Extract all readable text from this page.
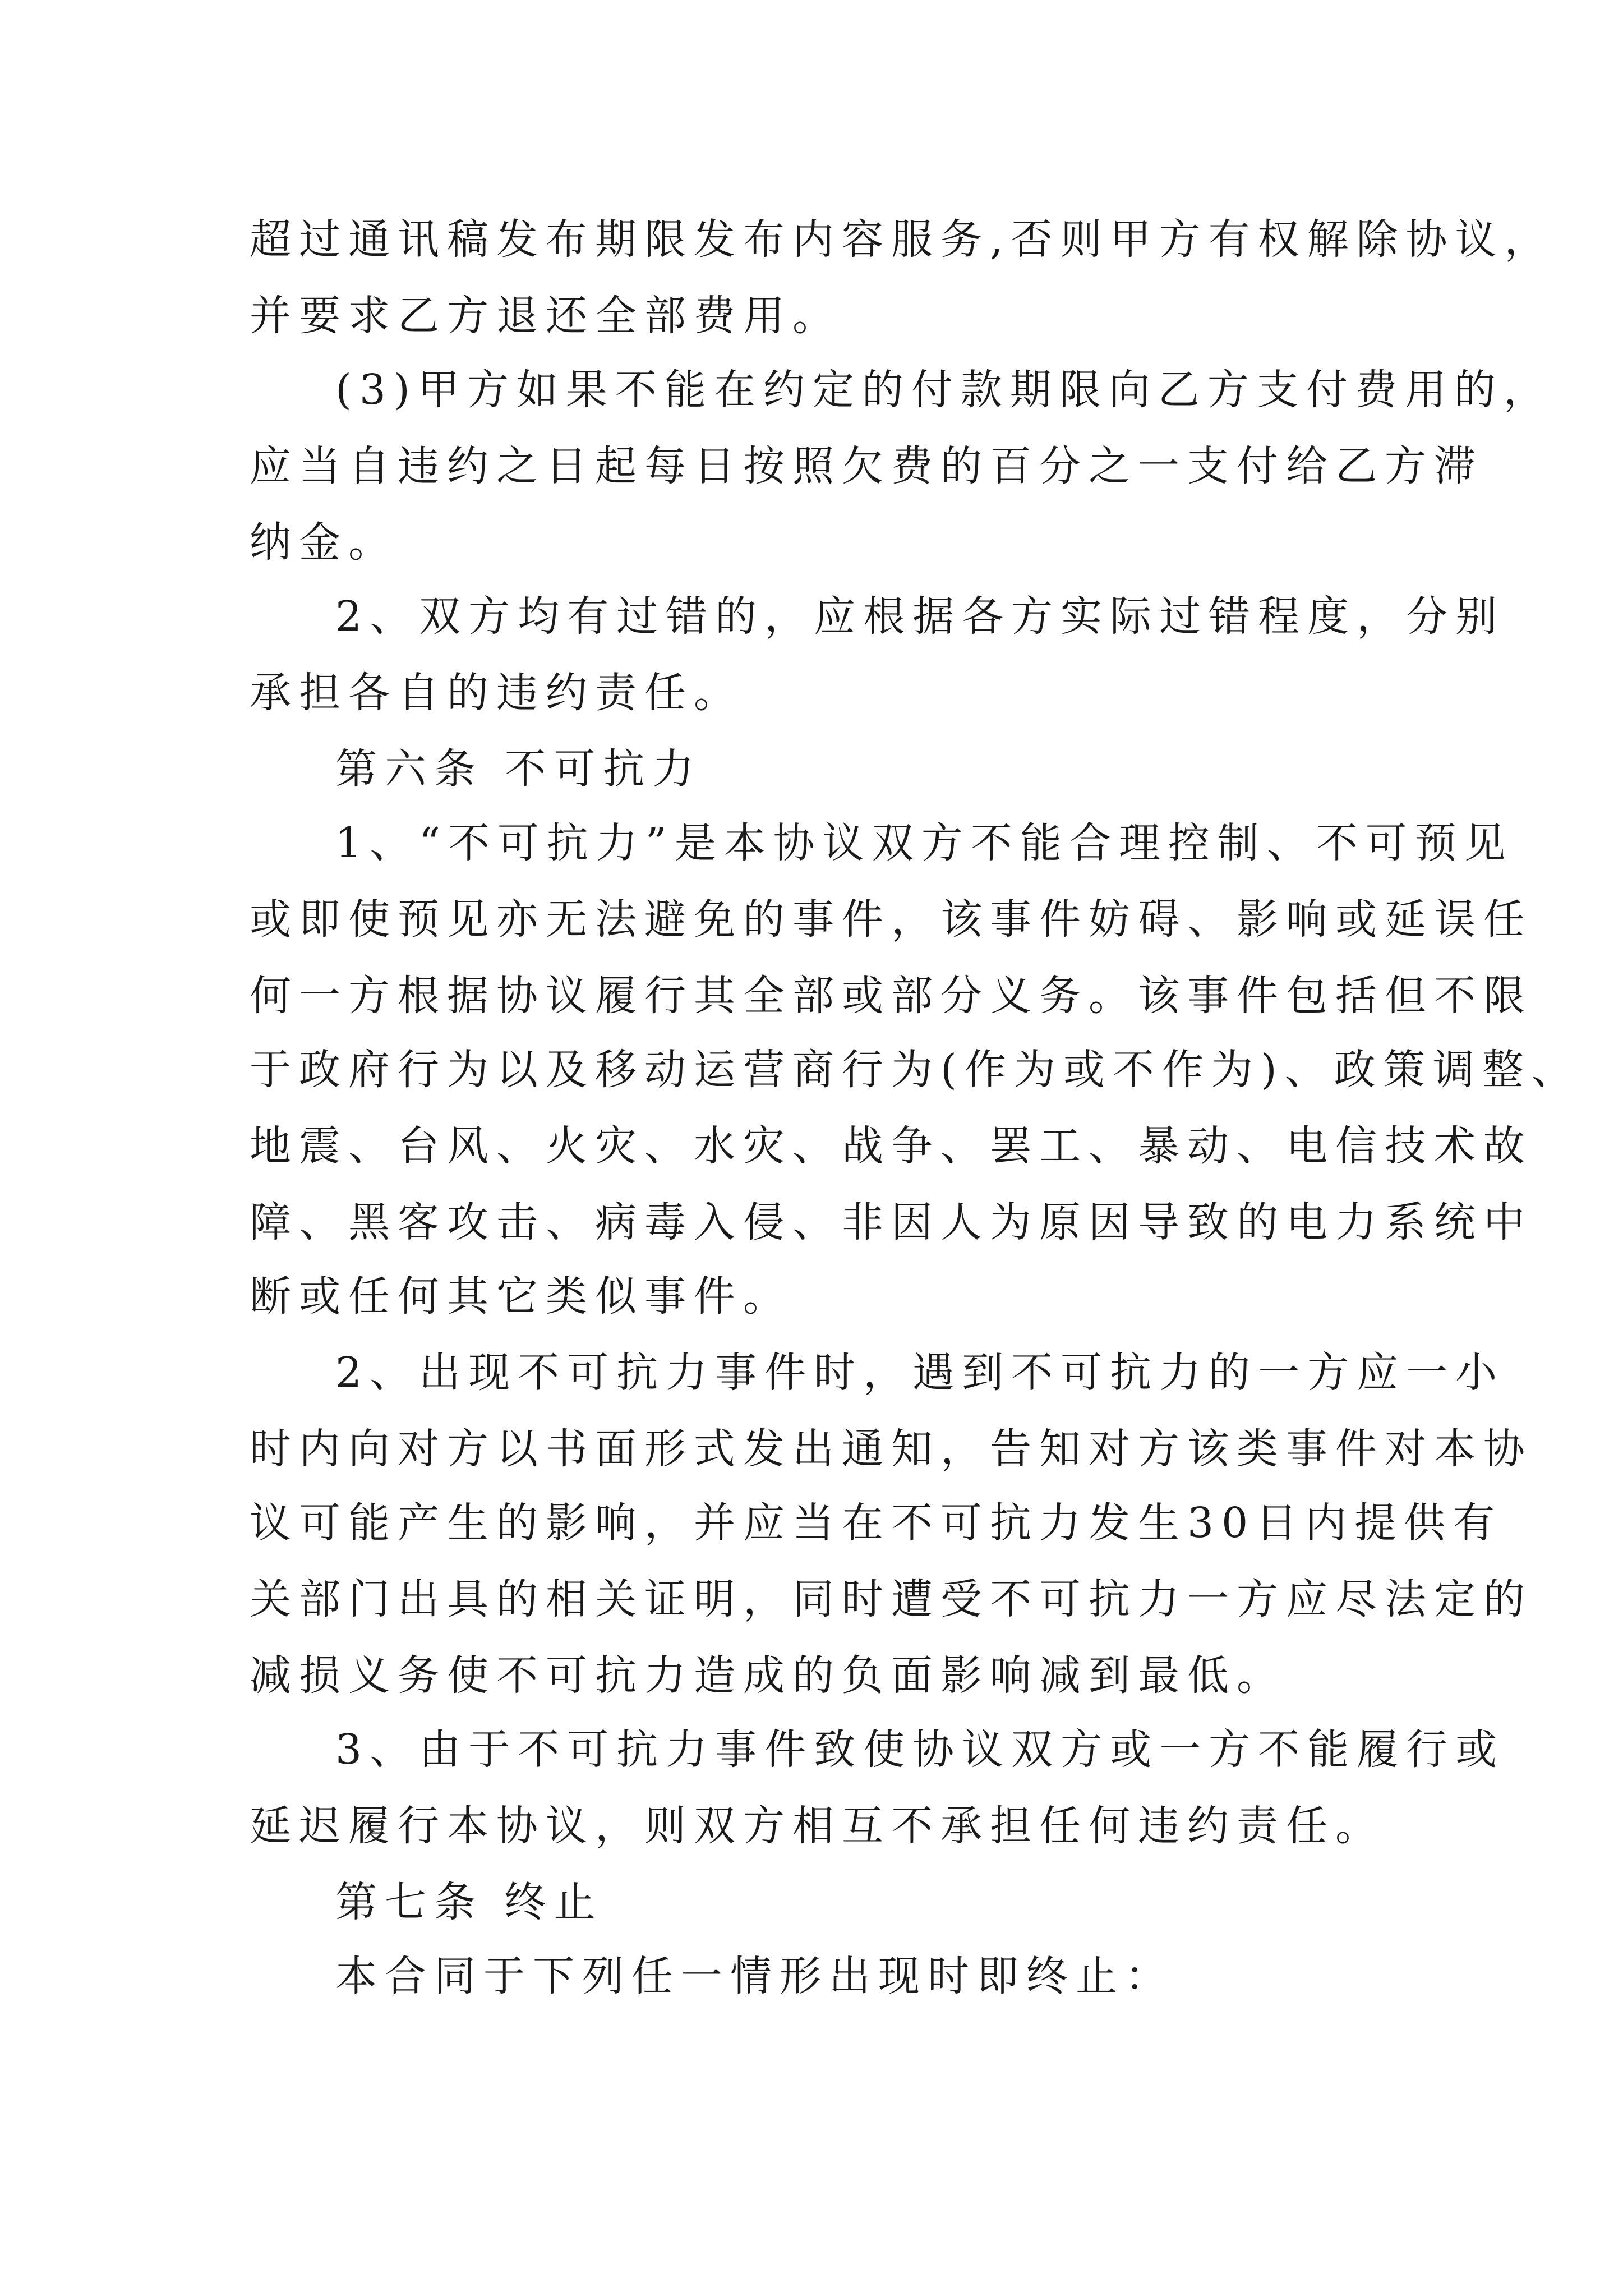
超过通讯稿发布期限发布内容服务,否则甲方有权解除协议，

并要求乙方退还全部费用。

(3)甲方如果不能在约定的付款期限向乙方支付费用的，

应当自违约之日起每日按照欠费的百分之一支付给乙方滞

纳金。

2、双方均有过错的，应根据各方实际过错程度，分别

承担各自的违约责任。

第六条 不可抗力

1、“不可抗力”是本协议双方不能合理控制、不可预见

或即使预见亦无法避免的事件，该事件妨碍、影响或延误任

何一方根据协议履行其全部或部分义务。该事件包括但不限

于政府行为以及移动运营商行为(作为或不作为)、政策调整、

地震、台风、火灾、水灾、战争、罢工、暴动、电信技术故

障、黑客攻击、病毒入侵、非因人为原因导致的电力系统中

断或任何其它类似事件。

2、出现不可抗力事件时，遇到不可抗力的一方应一小

时内向对方以书面形式发出通知，告知对方该类事件对本协

议可能产生的影响，并应当在不可抗力发生30日内提供有

关部门出具的相关证明，同时遭受不可抗力一方应尽法定的

减损义务使不可抗力造成的负面影响减到最低。

3、由于不可抗力事件致使协议双方或一方不能履行或

延迟履行本协议，则双方相互不承担任何违约责任。

第七条 终止

本合同于下列任一情形出现时即终止：
